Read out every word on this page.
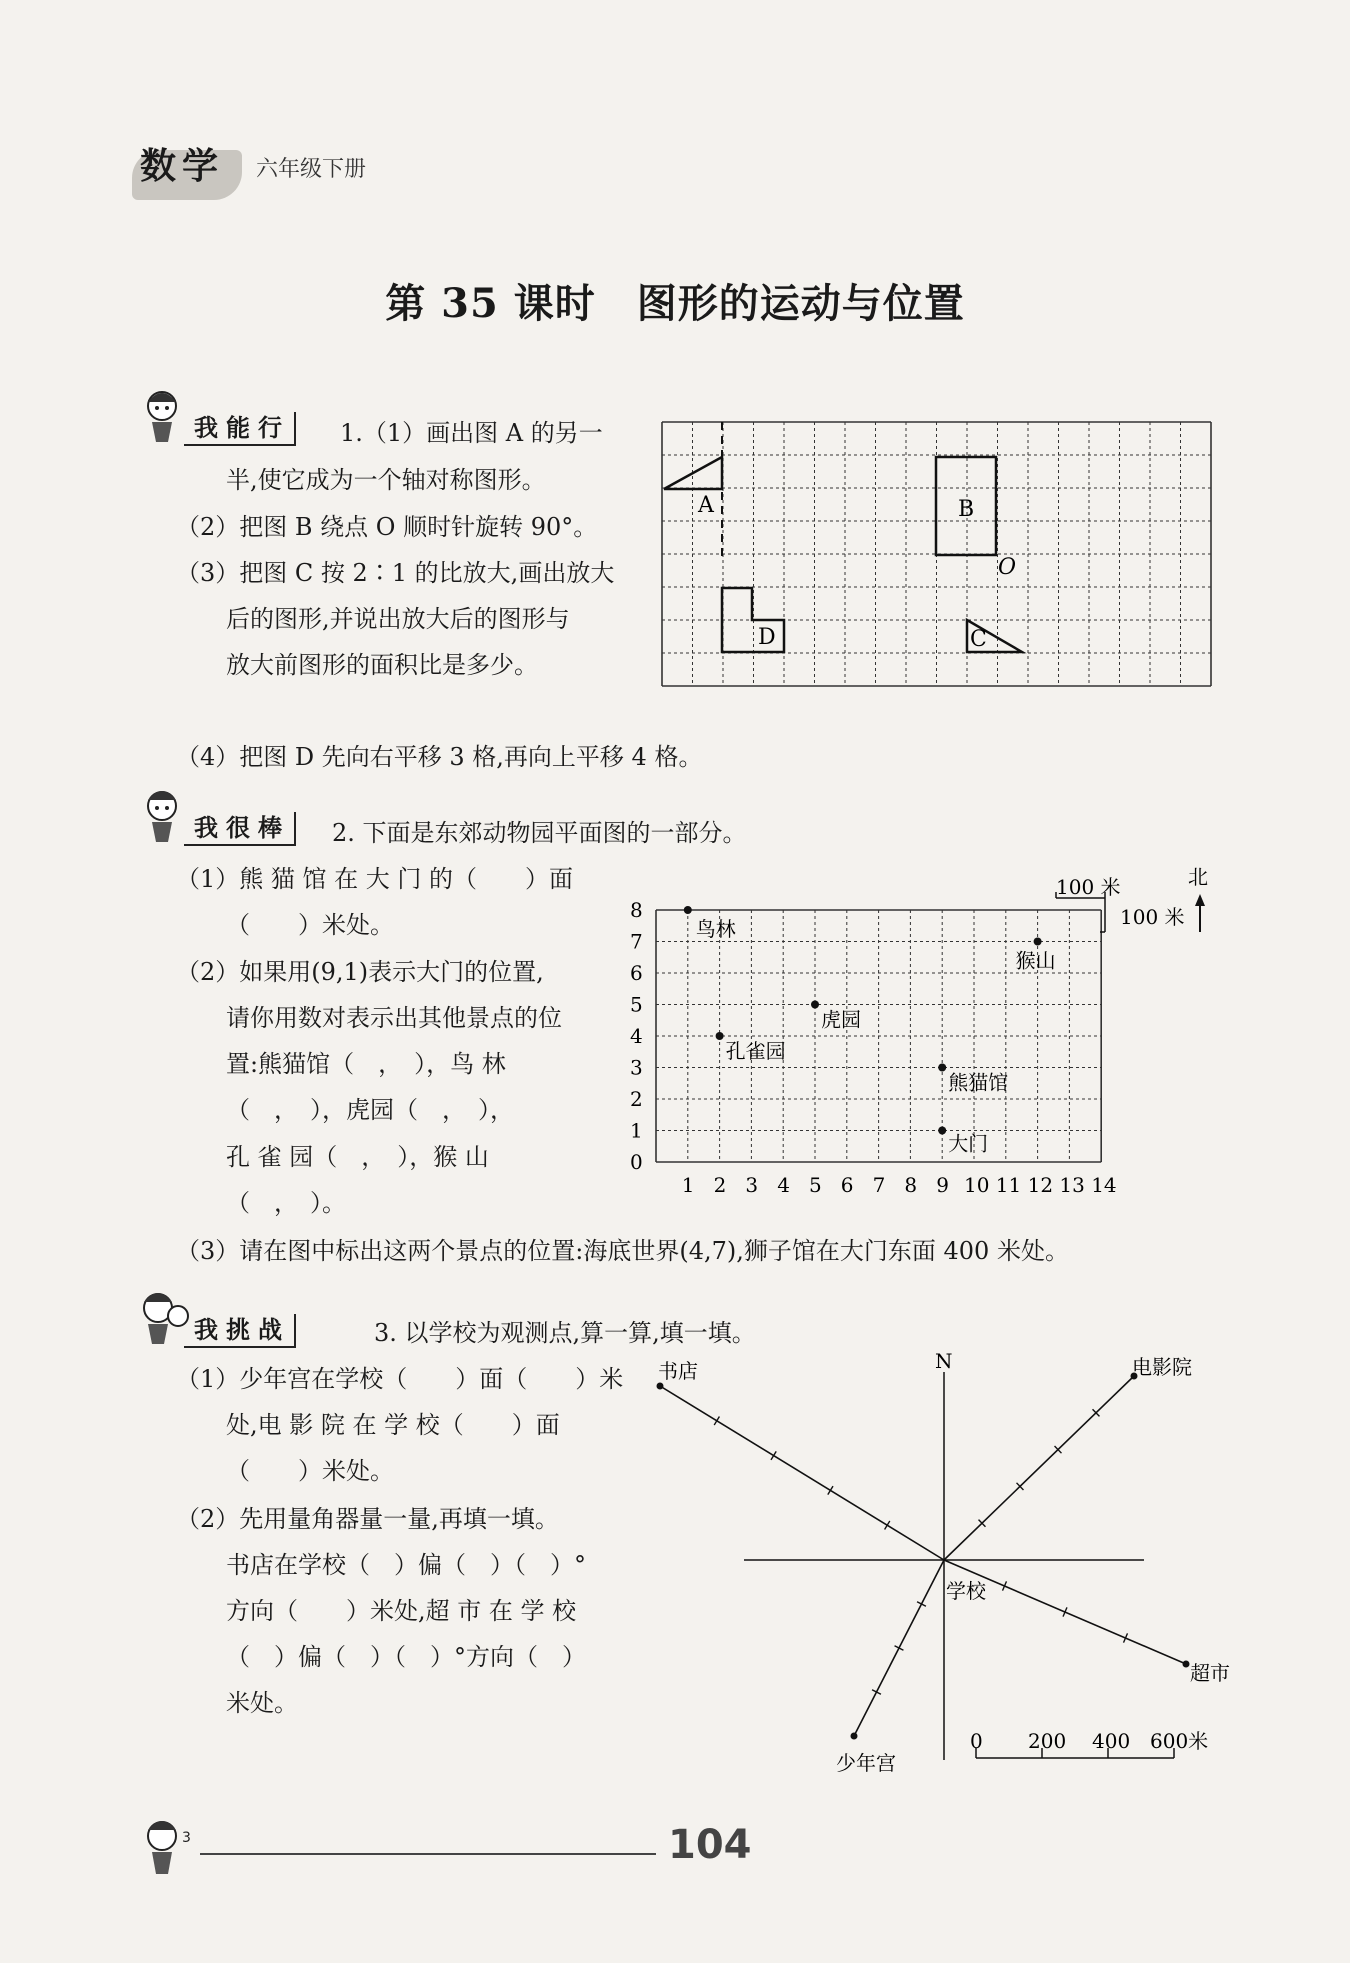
数学	六年级下册
第 35 课时　图形的运动与位置
我能行 1.（1）画出图 A 的另一
半,使它成为一个轴对称图形。
（2）把图 B 绕点 O 顺时针旋转 90°。
（3）把图 C 按 2∶1 的比放大,画出放大
后的图形,并说出放大后的图形与
放大前图形的面积比是多少。
（4）把图 D 先向右平移 3 格,再向上平移 4 格。
A	B
O
D	C
我很棒 2. 下面是东郊动物园平面图的一部分。
（1）熊 猫 馆 在 大 门 的（　　）面
（　　）米处。
（2）如果用(9,1)表示大门的位置,
请你用数对表示出其他景点的位
置:熊猫馆（　，　），鸟 林
（　，　），虎园（　，　），
孔 雀 园（　，　），猴 山
（　，　）。
（3）请在图中标出这两个景点的位置:海底世界(4,7),狮子馆在大门东面 400 米处。
1 2 3 4 5 6 7 8 9 10 11 12 13 14
0
1
2
3
4
5
6
7
8
鸟林
猴山
虎园
孔雀园
熊猫馆
大门
100 米
100 米
北
我挑战	3. 以学校为观测点,算一算,填一填。
（1）少年宫在学校（　　）面（　　）米
处,电 影 院 在 学 校（　　）面
（　　）米处。
（2）先用量角器量一量,再填一填。
书店在学校（　）偏（　）（　）°
方向（　　）米处,超 市 在 学 校
（　）偏（　）（　）°方向（　）
米处。
N
学校
书店	电影院
超市
少年宫
0 200 400 600米
3	104
